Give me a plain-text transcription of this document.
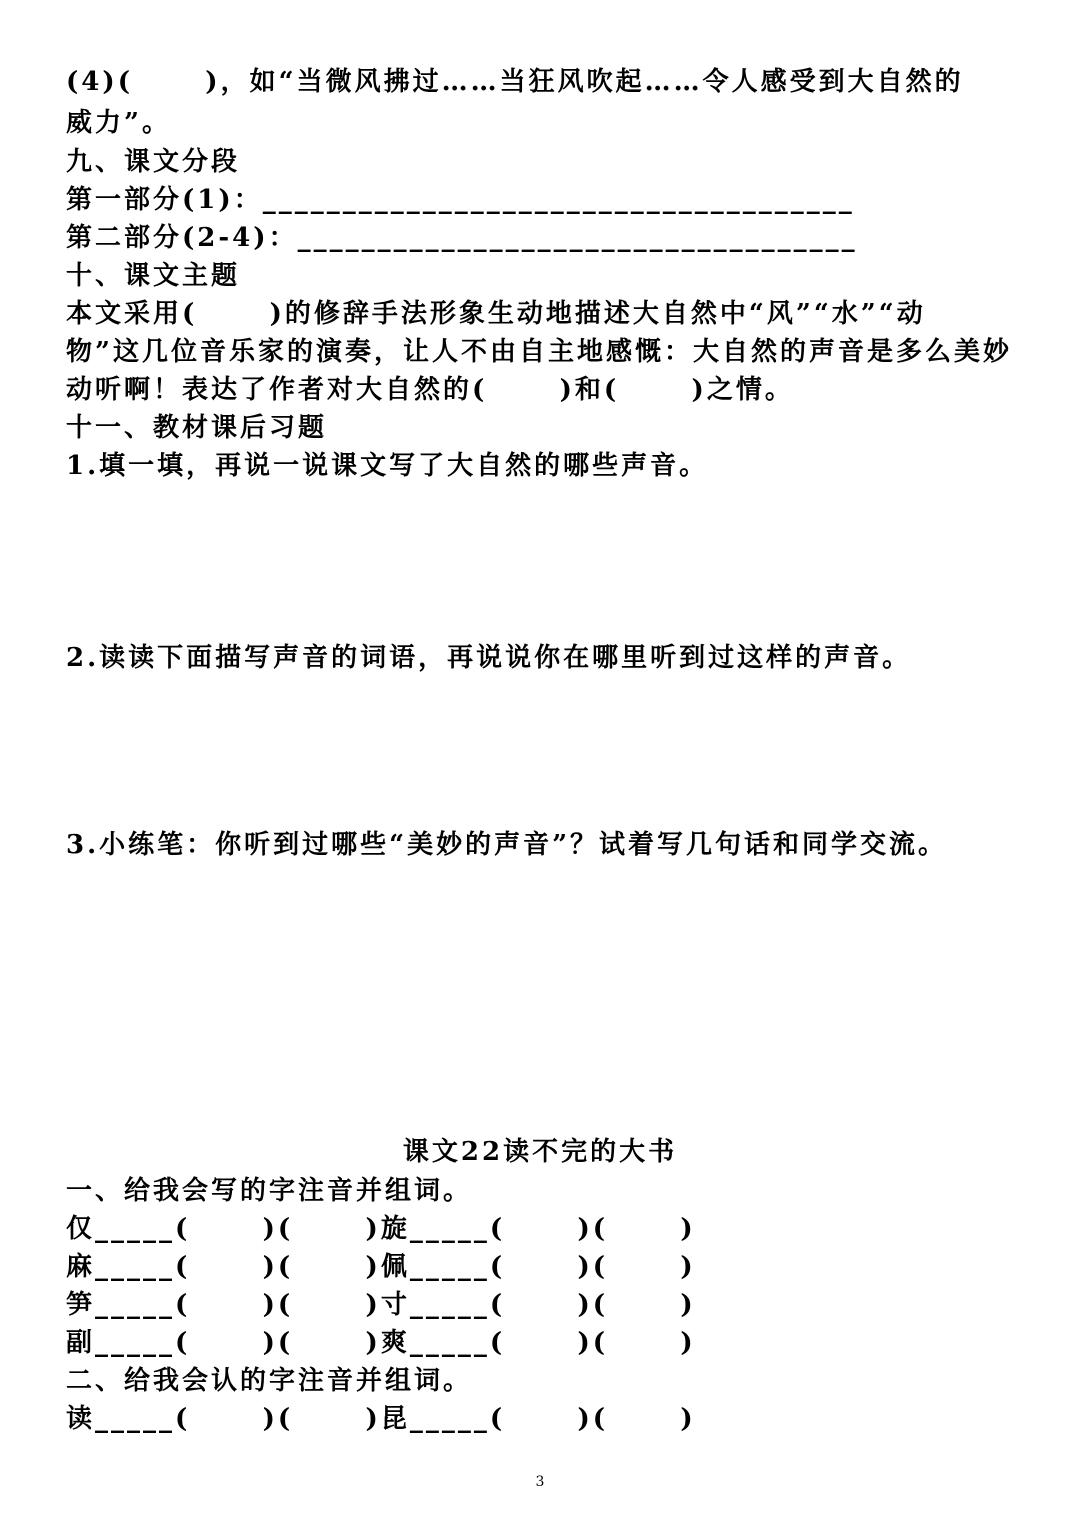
(4)(      )，如“当微风拂过……当狂风吹起……令人感受到大自然的

威力”。

九、课文分段

第一部分(1)：_____________________________________

第二部分(2-4)：___________________________________

十、课文主题

本文采用(      )的修辞手法形象生动地描述大自然中“风”“水”“动

物”这几位音乐家的演奏，让人不由自主地感慨：大自然的声音是多么美妙

动听啊！表达了作者对大自然的(      )和(      )之情。

十一、教材课后习题

1.填一填，再说一说课文写了大自然的哪些声音。

2.读读下面描写声音的词语，再说说你在哪里听到过这样的声音。

3.小练笔：你听到过哪些“美妙的声音”？试着写几句话和同学交流。

课文22读不完的大书

一、给我会写的字注音并组词。

仅_____(      )(      )旋_____(      )(      )

麻_____(      )(      )佩_____(      )(      )

笋_____(      )(      )寸_____(      )(      )

副_____(      )(      )爽_____(      )(      )

二、给我会认的字注音并组词。

读_____(      )(      )昆_____(      )(      )

3
